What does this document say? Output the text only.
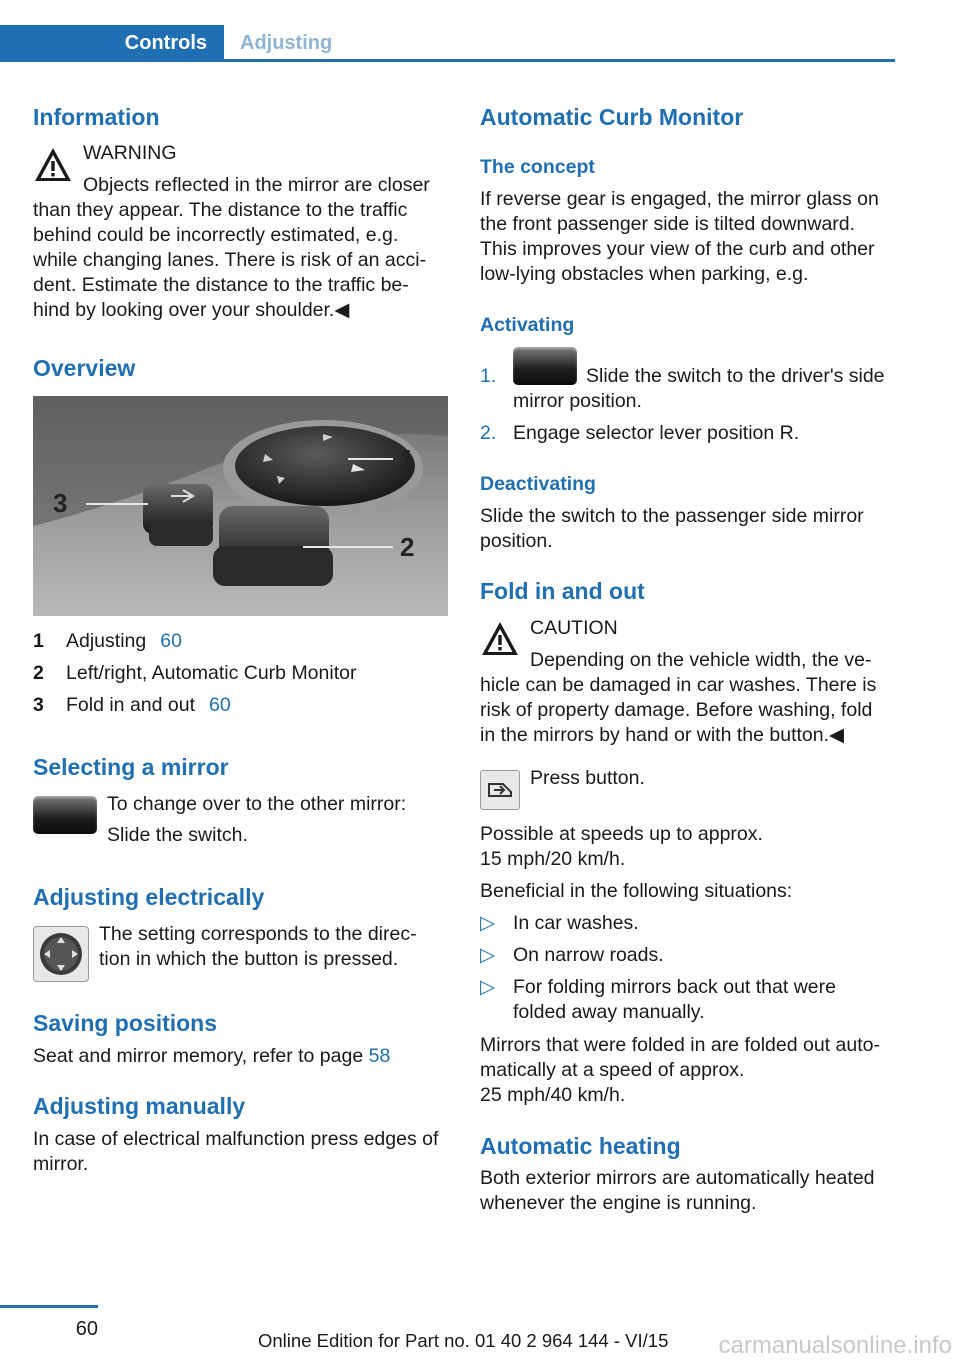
Controls	Adjusting
Information
WARNING
Objects reflected in the mirror are closer
than they appear. The distance to the traffic
behind could be incorrectly estimated, e.g.
while changing lanes. There is risk of an acci‐
dent. Estimate the distance to the traffic be‐
hind by looking over your shoulder.◀
Overview
3
1
2
1 Adjusting 60
2 Left/right, Automatic Curb Monitor
3 Fold in and out 60
Selecting a mirror
To change over to the other mirror:
Slide the switch.
Adjusting electrically
The setting corresponds to the direc‐
tion in which the button is pressed.
Saving positions
Seat and mirror memory, refer to page 58
Adjusting manually
In case of electrical malfunction press edges of
mirror.
Automatic Curb Monitor
The concept
If reverse gear is engaged, the mirror glass on
the front passenger side is tilted downward.
This improves your view of the curb and other
low-lying obstacles when parking, e.g.
Activating
1.	Slide the switch to the driver's side
mirror position.
2. Engage selector lever position R.
Deactivating
Slide the switch to the passenger side mirror
position.
Fold in and out
CAUTION
Depending on the vehicle width, the ve‐
hicle can be damaged in car washes. There is
risk of property damage. Before washing, fold
in the mirrors by hand or with the button.◀
Press button.
Possible at speeds up to approx.
15 mph/20 km/h.
Beneficial in the following situations:
▷ In car washes.
▷ On narrow roads.
▷ For folding mirrors back out that were
folded away manually.
Mirrors that were folded in are folded out auto‐
matically at a speed of approx.
25 mph/40 km/h.
Automatic heating
Both exterior mirrors are automatically heated
whenever the engine is running.
60
Online Edition for Part no. 01 40 2 964 144 - VI/15 carmanualsonline.info
